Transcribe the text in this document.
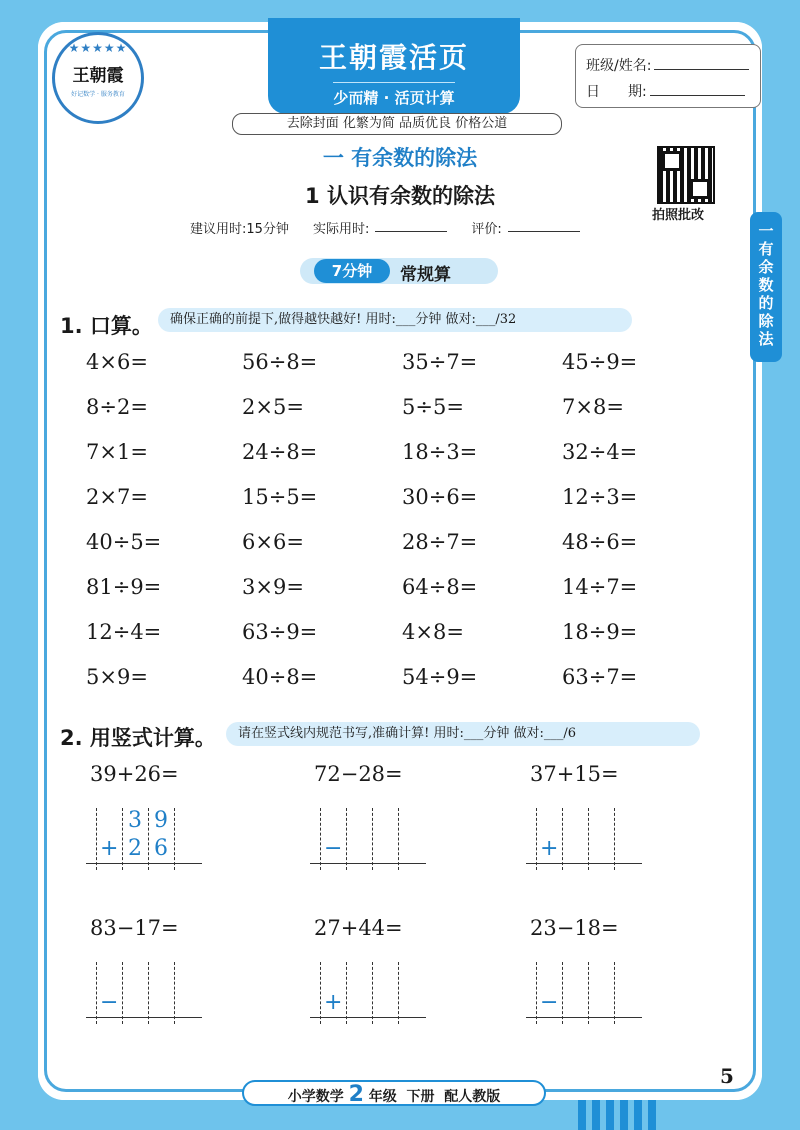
★★★★★
王朝霞
好记数学 · 服务教育
王朝霞活页
少而精 · 活页计算
去除封面 化繁为简 品质优良 价格公道
班级/姓名:
日　　期:
拍照批改
一 有余数的除法
一 有余数的除法
1 认识有余数的除法
建议用时:15分钟 实际用时:	评价:
7分钟	常规算
1. 口算。	确保正确的前提下,做得越快越好! 用时:___分钟 做对:___/32
4×6=	56÷8=	35÷7=	45÷9=
8÷2=	2×5=	5÷5=	7×8=
7×1=	24÷8=	18÷3=	32÷4=
2×7=	15÷5=	30÷6=	12÷3=
40÷5=	6×6=	28÷7=	48÷6=
81÷9=	3×9=	64÷8=	14÷7=
12÷4=	63÷9=	4×8=	18÷9=
5×9=	40÷8=	54÷9=	63÷7=
2. 用竖式计算。	请在竖式线内规范书写,准确计算! 用时:___分钟 做对:___/6
39+26=
+
3 9
2 6
72−28=
−
37+15=
+
83−17=
−
27+44=
+
23−18=
−
小学数学 2 年级 下册 配人教版
5
